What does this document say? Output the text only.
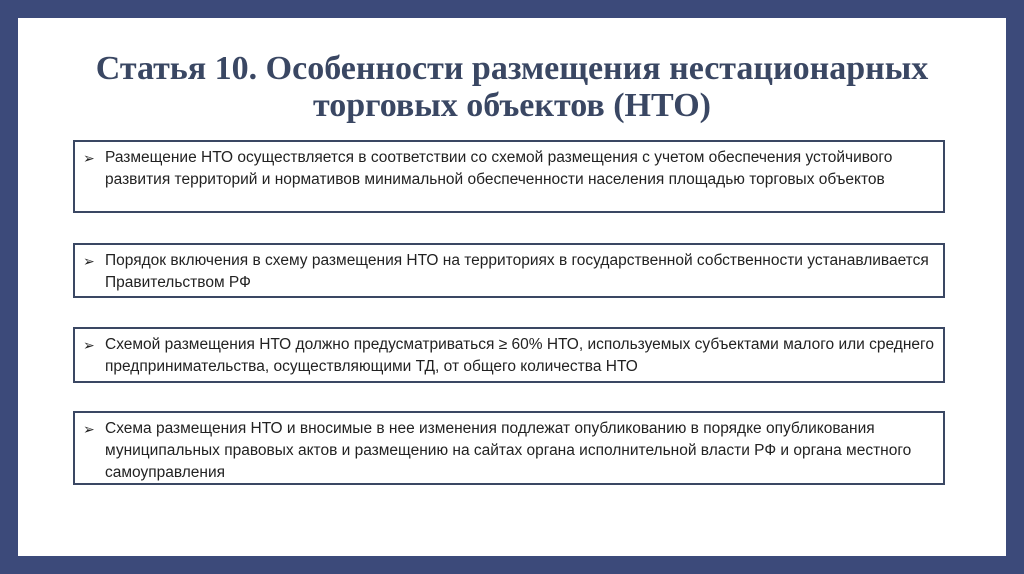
Статья 10. Особенности размещения нестационарных
торговых объектов (НТО)
➢ Размещение НТО осуществляется в соответствии со схемой размещения с учетом обеспечения устойчивого развития территорий и нормативов минимальной обеспеченности населения площадью торговых объектов
➢ Порядок включения в схему размещения НТО на территориях в государственной собственности устанавливается Правительством РФ
➢ Схемой размещения НТО должно предусматриваться ≥ 60% НТО, используемых субъектами малого или среднего предпринимательства, осуществляющими ТД, от общего количества НТО
➢ Схема размещения НТО и вносимые в нее изменения подлежат опубликованию в порядке опубликования муниципальных правовых актов и размещению на сайтах органа исполнительной власти РФ и органа местного самоуправления
